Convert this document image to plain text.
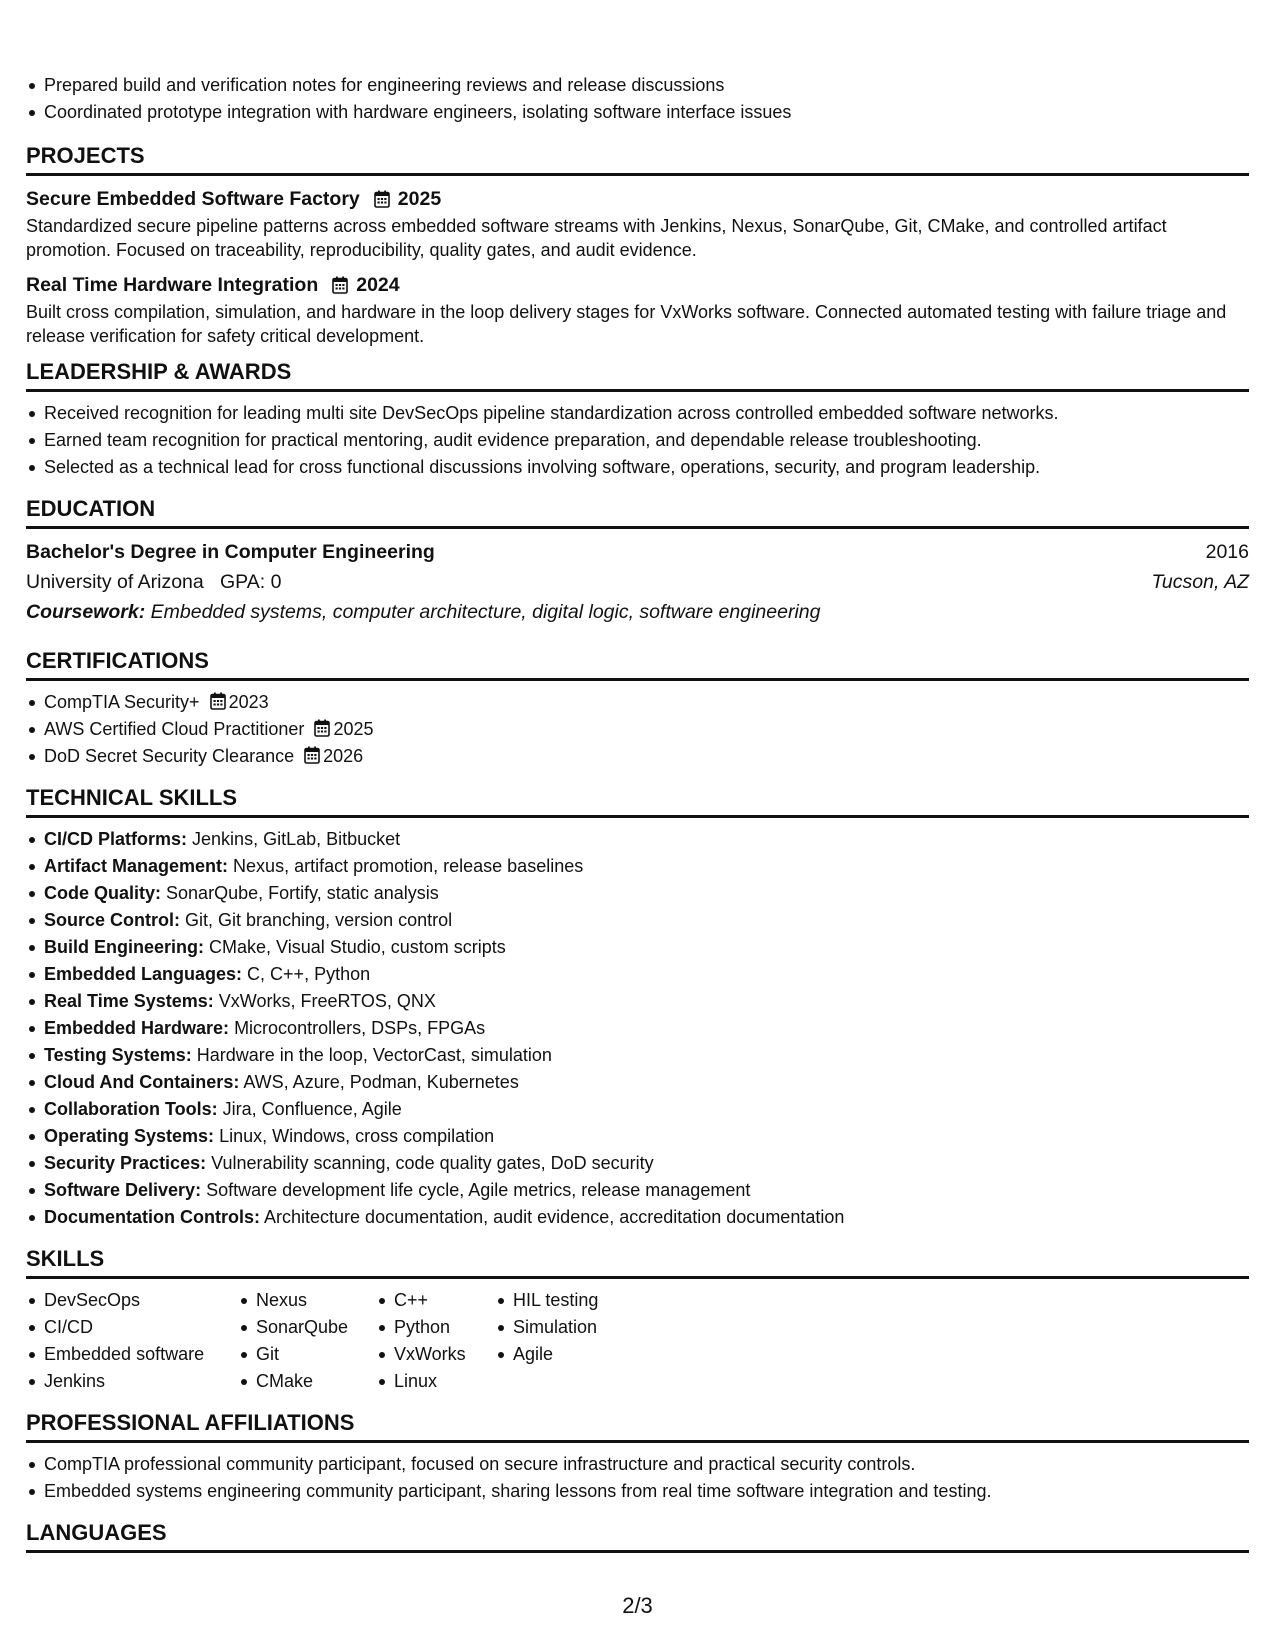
Prepared build and verification notes for engineering reviews and release discussions
Coordinated prototype integration with hardware engineers, isolating software interface issues
PROJECTS
Secure Embedded Software Factory 2025
Standardized secure pipeline patterns across embedded software streams with Jenkins, Nexus, SonarQube, Git, CMake, and controlled artifact promotion. Focused on traceability, reproducibility, quality gates, and audit evidence.
Real Time Hardware Integration 2024
Built cross compilation, simulation, and hardware in the loop delivery stages for VxWorks software. Connected automated testing with failure triage and release verification for safety critical development.
LEADERSHIP & AWARDS
Received recognition for leading multi site DevSecOps pipeline standardization across controlled embedded software networks.
Earned team recognition for practical mentoring, audit evidence preparation, and dependable release troubleshooting.
Selected as a technical lead for cross functional discussions involving software, operations, security, and program leadership.
EDUCATION
Bachelor's Degree in Computer Engineering	2016
University of Arizona GPA: 0	Tucson, AZ
Coursework: Embedded systems, computer architecture, digital logic, software engineering
CERTIFICATIONS
CompTIA Security+ 2023
AWS Certified Cloud Practitioner 2025
DoD Secret Security Clearance 2026
TECHNICAL SKILLS
CI/CD Platforms: Jenkins, GitLab, Bitbucket
Artifact Management: Nexus, artifact promotion, release baselines
Code Quality: SonarQube, Fortify, static analysis
Source Control: Git, Git branching, version control
Build Engineering: CMake, Visual Studio, custom scripts
Embedded Languages: C, C++, Python
Real Time Systems: VxWorks, FreeRTOS, QNX
Embedded Hardware: Microcontrollers, DSPs, FPGAs
Testing Systems: Hardware in the loop, VectorCast, simulation
Cloud And Containers: AWS, Azure, Podman, Kubernetes
Collaboration Tools: Jira, Confluence, Agile
Operating Systems: Linux, Windows, cross compilation
Security Practices: Vulnerability scanning, code quality gates, DoD security
Software Delivery: Software development life cycle, Agile metrics, release management
Documentation Controls: Architecture documentation, audit evidence, accreditation documentation
SKILLS
DevSecOps
CI/CD
Embedded software
Jenkins
Nexus
SonarQube
Git
CMake
C++
Python
VxWorks
Linux
HIL testing
Simulation
Agile
PROFESSIONAL AFFILIATIONS
CompTIA professional community participant, focused on secure infrastructure and practical security controls.
Embedded systems engineering community participant, sharing lessons from real time software integration and testing.
LANGUAGES
2/3
